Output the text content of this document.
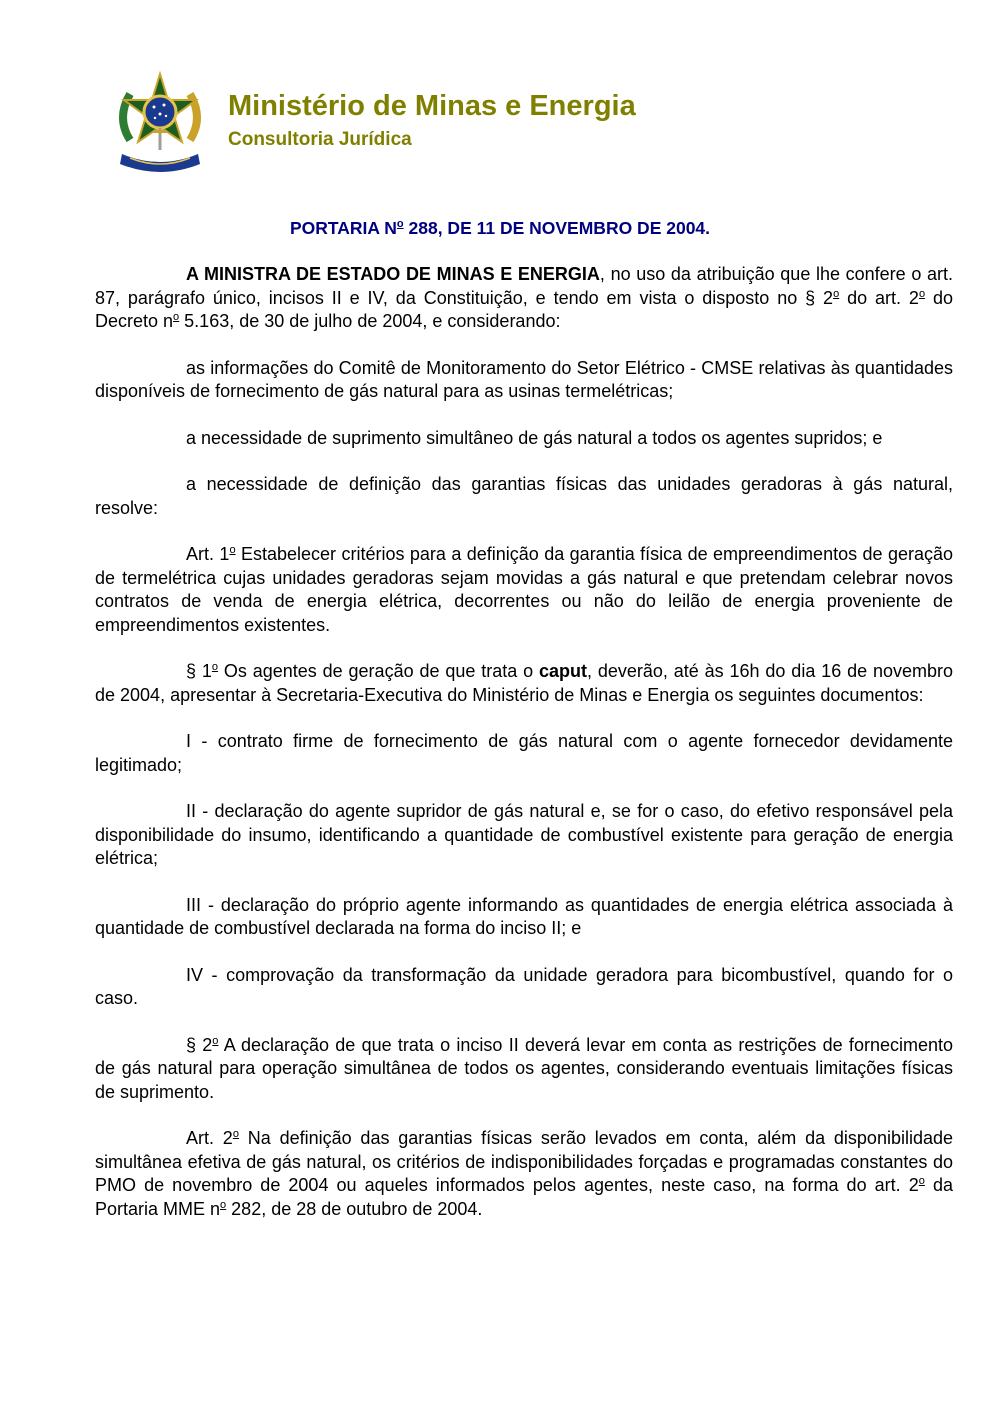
Ministério de Minas e Energia
Consultoria Jurídica
PORTARIA $N^o$ 288, DE 11 DE NOVEMBRO DE 2004.

A MINISTRA DE ESTADO DE MINAS E ENERGIA, no uso da atribuição que lhe confere o art. 87, parágrafo único, incisos II e IV, da Constituição, e tendo em vista o disposto no § 2$^o$ do art. 2$^o$ do Decreto $n^o$ 5.163, de 30 de julho de 2004, e considerando:

as informações do Comitê de Monitoramento do Setor Elétrico - CMSE relativas às quantidades disponíveis de fornecimento de gás natural para as usinas termelétricas;

a necessidade de suprimento simultâneo de gás natural a todos os agentes supridos; e

a necessidade de definição das garantias físicas das unidades geradoras à gás natural, resolve:

Art. 1$^o$ Estabelecer critérios para a definição da garantia física de empreendimentos de geração de termelétrica cujas unidades geradoras sejam movidas a gás natural e que pretendam celebrar novos contratos de venda de energia elétrica, decorrentes ou não do leilão de energia proveniente de empreendimentos existentes.

§ 1$^o$ Os agentes de geração de que trata o caput, deverão, até às 16h do dia 16 de novembro de 2004, apresentar à Secretaria-Executiva do Ministério de Minas e Energia os seguintes documentos:

I - contrato firme de fornecimento de gás natural com o agente fornecedor devidamente legitimado;

II - declaração do agente supridor de gás natural e, se for o caso, do efetivo responsável pela disponibilidade do insumo, identificando a quantidade de combustível existente para geração de energia elétrica;

III - declaração do próprio agente informando as quantidades de energia elétrica associada à quantidade de combustível declarada na forma do inciso II; e

IV - comprovação da transformação da unidade geradora para bicombustível, quando for o caso.

§ 2$^o$ A declaração de que trata o inciso II deverá levar em conta as restrições de fornecimento de gás natural para operação simultânea de todos os agentes, considerando eventuais limitações físicas de suprimento.

Art. 2$^o$ Na definição das garantias físicas serão levados em conta, além da disponibilidade simultânea efetiva de gás natural, os critérios de indisponibilidades forçadas e programadas constantes do PMO de novembro de 2004 ou aqueles informados pelos agentes, neste caso, na forma do art. 2$^o$ da Portaria MME $n^o$ 282, de 28 de outubro de 2004.
